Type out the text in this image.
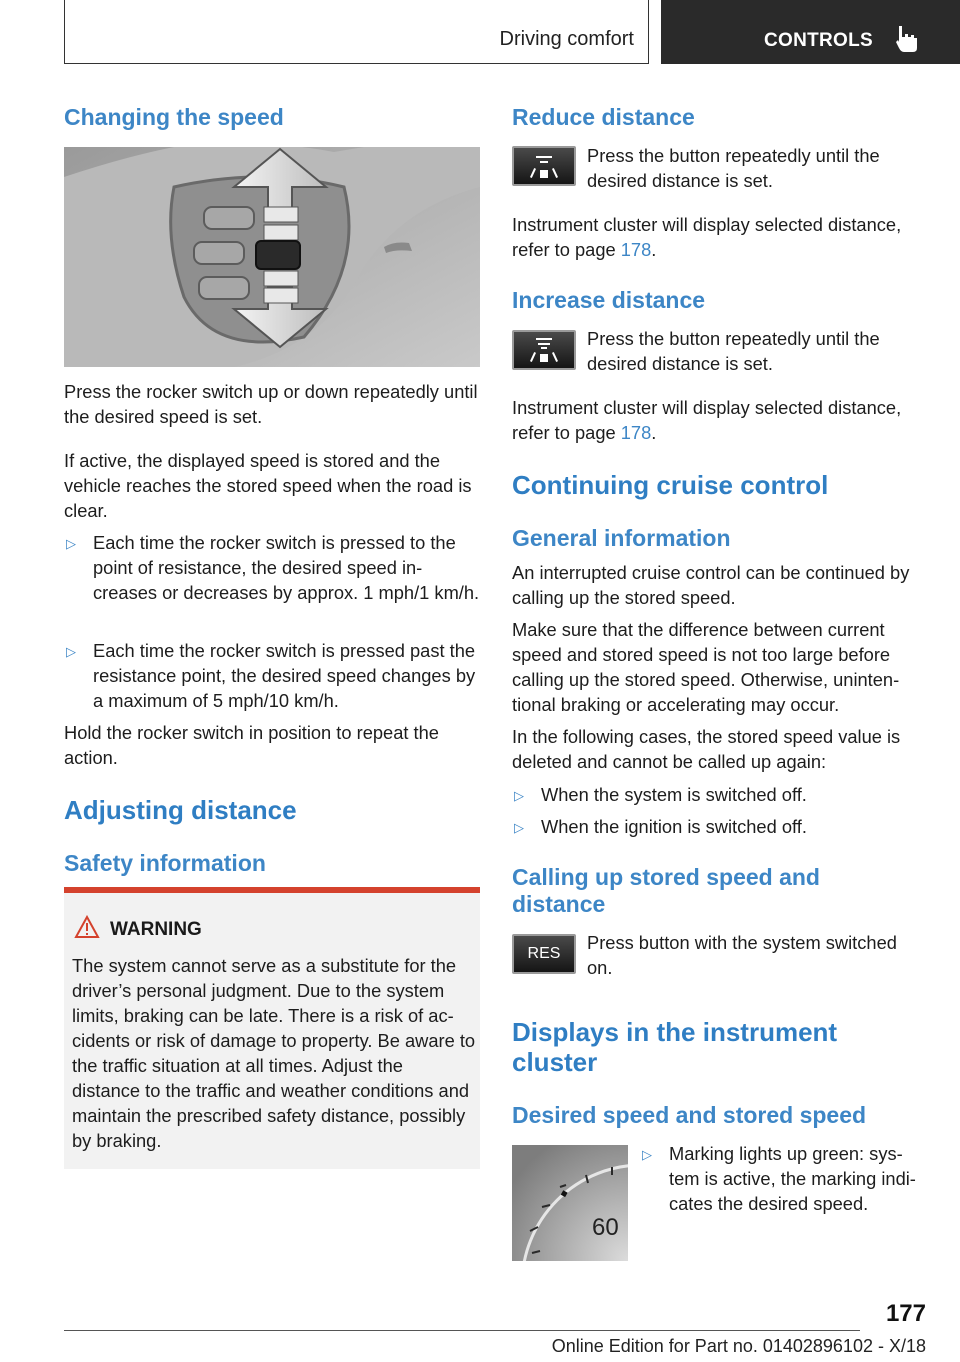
Driving comfort	CONTROLS
Changing the speed

Press the rocker switch up or down repeatedly until the desired speed is set.

If active, the displayed speed is stored and the vehicle reaches the stored speed when the road is clear.

▷ Each time the rocker switch is pressed to the point of resistance, the desired speed in‐ creases or decreases by approx. 1 mph/1 km/h.

▷ Each time the rocker switch is pressed past the resistance point, the desired speed changes by a maximum of 5 mph/10 km/h.

Hold the rocker switch in position to repeat the action.

Adjusting distance
Safety information
WARNING

The system cannot serve as a substitute for the driver’s personal judgment. Due to the system limits, braking can be late. There is a risk of ac‐ cidents or risk of damage to property. Be aware to the traffic situation at all times. Adjust the distance to the traffic and weather conditions and maintain the prescribed safety distance, possibly by braking.

Reduce distance

Press the button repeatedly until the desired distance is set.

Instrument cluster will display selected distance, refer to page 178.

Increase distance

Press the button repeatedly until the desired distance is set.

Instrument cluster will display selected distance, refer to page 178.

Continuing cruise control
General information

An interrupted cruise control can be continued by calling up the stored speed.

Make sure that the difference between current speed and stored speed is not too large before calling up the stored speed. Otherwise, uninten‐ tional braking or accelerating may occur.

In the following cases, the stored speed value is deleted and cannot be called up again:

▷ When the system is switched off.

▷ When the ignition is switched off.

Calling up stored speed and
distance
RES

Press button with the system switched on.

Displays in the instrument
cluster
Desired speed and stored speed
60
▷ Marking lights up green: sys‐ tem is active, the marking indi‐ cates the desired speed.

177
Online Edition for Part no. 01402896102 - X/18
